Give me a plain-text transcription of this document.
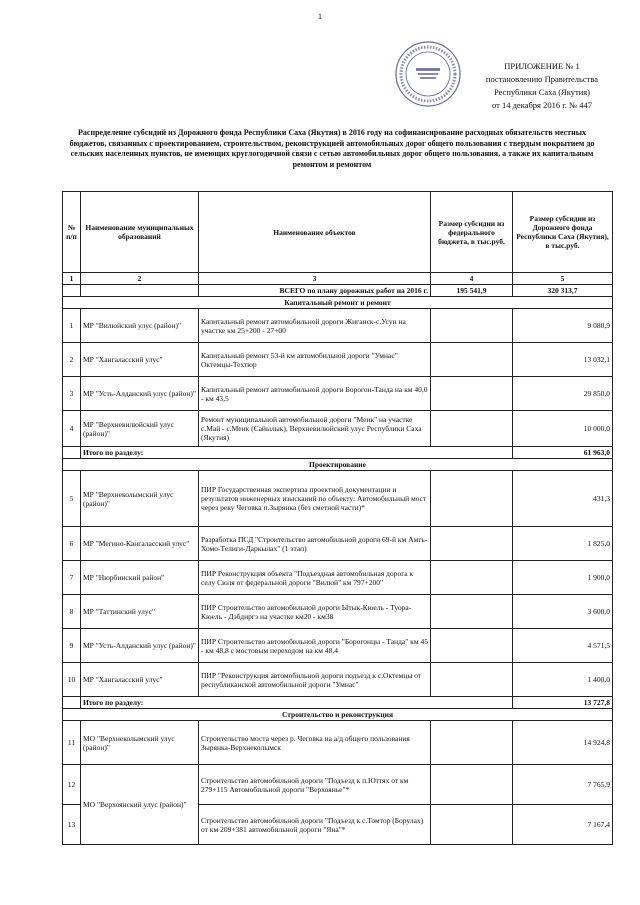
1
ПРИЛОЖЕНИЕ № 1
постановлению Правительства
Республики Саха (Якутия)
от 14 декабря 2016 г. № 447
Распределение субсидий из Дорожного фонда Республики Саха (Якутия) в 2016 году на софинансирование расходных обязательств местных бюджетов, связанных с проектированием, строительством, реконструкцией автомобильных дорог общего пользования с твердым покрытием до сельских населенных пунктов, не имеющих круглогодичной связи с сетью автомобильных дорог общего пользования, а также их капитальным ремонтом и ремонтом
№ п/п	Наименование муниципальных образований	Наименование объектов	Размер субсидии из федерального бюджета, в тыс.руб.	Размер субсидии из Дорожного фонда Республики Саха (Якутия), в тыс.руб.
1	2	3	4	5
		ВСЕГО по плану дорожных работ на 2016 г.	195 541,9	320 313,7
Капитальный ремонт и ремонт				
1	МР "Вилюйский улус (район)"	Капитальный ремонт автомобильной дороги Жиганск-с.Усун на участке км 25+200 - 27+00		9 080,9
2	МР "Хангаласский улус"	Капитальный ремонт 53-й км автомобильной дороги "Умнас" Октемцы-Техтюр		13 032,1
3	МР "Усть-Алданский улус (район)"	Капитальный ремонт автомобильной дороги Борогон-Танда на км 40,0 - км 43,5		29 850,0
4	МР "Верхневилюйский улус (район)"	Ремонт муниципальной автомобильной дороги "Меик" на участке с.Май - с.Меик (Сайылык), Верхневилюйский улус Республики Саха (Якутия)		10 000,0
	Итого по разделу:			61 963,0
Проектирование				
5	МР "Верхнеколымский улус (район)"	ПИР Государственная экспертиза проектной документации и результатов инженерных изысканий по объекту: Автомобильный мост через реку Чеговка п.Зырянка (без сметной части)*		431,3
6	МР "Мегино-Кангаласский улус"	Разработка ПСД "Строительство автомобильной дороги 69-й км Амгь-Хомо-Телиги-Даркылах" (1 этап)		1 825,0
7	МР "Нюрбинский район"	ПИР Реконструкция объекта "Подъездная автомобильная дорога к селу Сюля от федеральной дороги "Вилюй" км 797+200"		1 900,0
8	МР "Таттинский улус"	ПИР Строительство автомобильной дороги Ытык-Кюель - Туора-Кюель - Дэбдиргэ на участке км20 - км38		3 600,0
9	МР "Усть-Алданский улус (район)"	ПИР Строительство автомобильной дороги "Борогонцы - Танда" км 45 - км 48,8 с мостовым переходом на км 48,4		4 571,5
10	МР "Хангаласский улус"	ПИР "Реконструкция автомобильной дороги подъезд к с.Октемцы от республиканской автомобильной дороги "Умнас"		1 400,0
	Итого по разделу:			13 727,8
Строительство и реконструкция				
11	МО "Верхнеколымский улус (район)"	Строительство моста через р. Чеговка на а/д общего пользования Зырянка-Верхнеколымск		14 924,8
12	МО "Верхоянский улус (район)"	Строительство автомобильной дороги "Подъезд к п.Юттях от км 279+115 Автомобильной дороги "Верхоянье"*		7 765,9
13		Строительство автомобильной дороги "Подъезд к с.Томтор (Борулах) от км 209+381 автомобильной дороги "Яна"*		7 167,4
